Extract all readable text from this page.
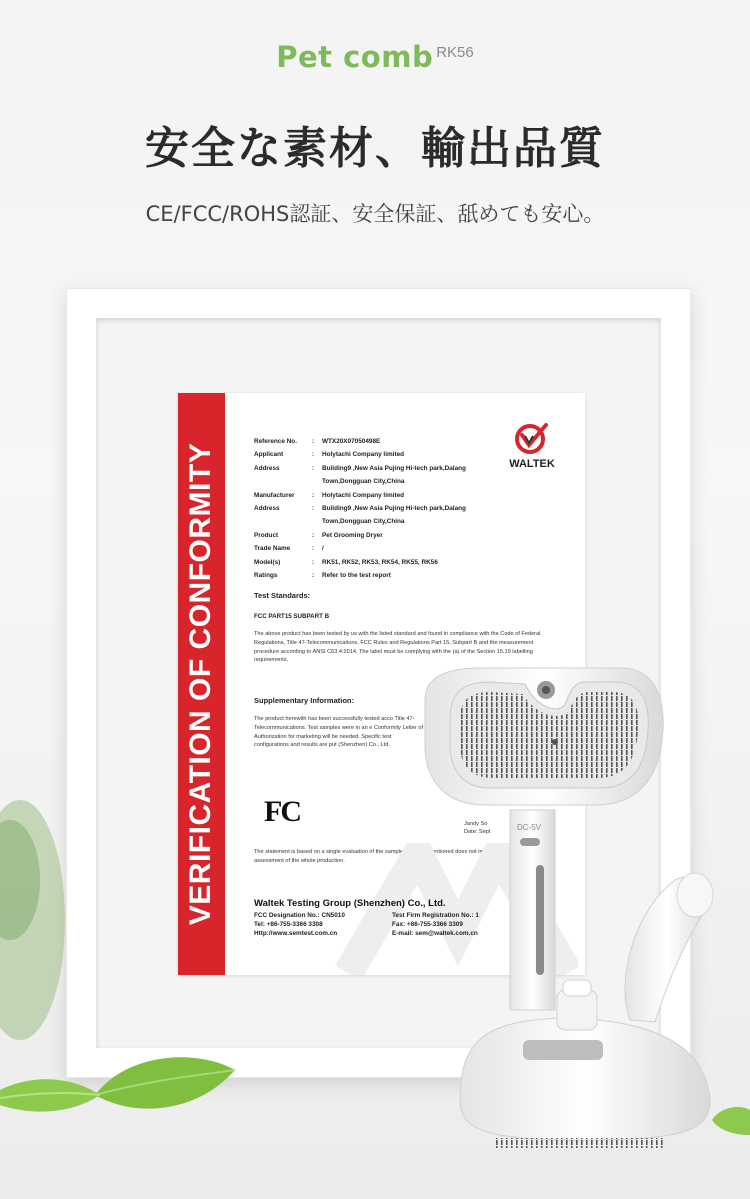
Pet comb RK56
安全な素材、輸出品質
CE/FCC/ROHS認証、安全保証、舐めても安心。
VERIFICATION OF CONFORMITY	WALTEK
Reference No.	:	WTX20X07050498E
Applicant	:	Holytachi Company limited
Address	:	Building9 ,New Asia Pujing Hi-tech park,Dalang
Town,Dongguan City,China
Manufacturer	:	Holytachi Company limited
Address	:	Building9 ,New Asia Pujing Hi-tech park,Dalang
Town,Dongguan City,China
Product	:	Pet Grooming Dryer
Trade Name	:	/
Model(s)	:	RK51, RK52, RK53, RK54, RK55, RK56
Ratings	:	Refer to the test report
Test Standards:
FCC PART15 SUBPART B
The above product has been tested by us with the listed standard and found in compliance with the Code of Federal Regulations, Title 47-Telecommunications, FCC Rules and Regulations Part 15, Subpart B and the measurement procedure according to ANSI C63.4:2014. The label must be complying with the (a) of the Section 15.19 labelling requirements.
Supplementary Information:
The product herewith has been successfully tested acco Title 47-Telecommunications. Test samples were in an e Conformity Letter of Authorization for marketing will be needed. Specific test configurations and results are put (Shenzhen) Co., Ltd.
FC	Jandy So
Date: Sept
The statement is based on a single evaluation of the sample of above mentioned does not imply an assessment of the whole production.
Waltek Testing Group (Shenzhen) Co., Ltd.
FCC Designation No.: CN5010	Test Firm Registration No.: 1
Tel: +86-755-3366 3308	Fax: +86-755-3366 3309
Http://www.semtest.com.cn	E-mail: sem@waltek.com.cn
DC-5V
